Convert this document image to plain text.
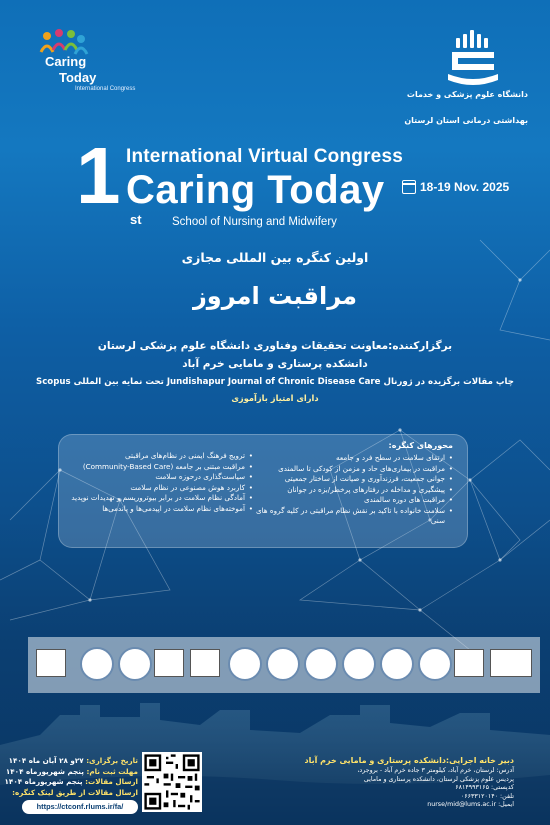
Caring
Today
International Congress
دانشگاه علوم پزشکی و خدمات
بهداشتی درمانی استان لرستان
1 st
International Virtual Congress
Caring Today	18-19 Nov. 2025
School of Nursing and Midwifery
اولین کنگره بین المللی مجازی
مراقبت امروز
برگزارکننده:معاونت تحقیقات وفناوری دانشگاه علوم پزشکی لرستان
دانشکده پرستاری و مامایی خرم آباد
چاپ مقالات برگزیده در ژورنال Jundishapur Journal of Chronic Disease Care تحت نمایه بین المللی Scopus
دارای امتیاز بازآموزی
محورهای کنگره:

• ارتقای سلامت در سطح فرد و جامعه

• مراقبت در بیماری‌های حاد و مزمن از کودکی تا سالمندی

• جوانی جمعیت، فرزندآوری و صیانت از ساختار جمعیتی

• پیشگیری و مداخله در رفتارهای پرخطر/بزه در جوانان

• مراقبت های دوره سالمندی

• سلامت خانواده با تاکید بر نقش نظام مراقبتی در کلیه گروه های سنی

• ترویج فرهنگ ایمنی در نظام‌های مراقبتی

• مراقبت مبتنی بر جامعه (Community-Based Care)

• سیاست‌گذاری درحوزه سلامت

• کاربرد هوش مصنوعی در نظام سلامت

• آمادگی نظام سلامت در برابر بیوتروریسم و تهدیدات نوپدید

• آموخته‌های نظام سلامت در اپیدمی‌ها و پاندمی‌ها

دبیر خانه اجرایی:دانشکده پرستاری و مامایی خرم آباد

آدرس: لرستان، خرم آباد، کیلومتر ۳ جاده خرم آباد - بروجرد،

پردیس علوم پزشکی لرستان، دانشکده پرستاری و مامایی

کدپستی: ۶۸۱۴۹۹۳۱۶۵

تلفن: ۰۶۶۳۳۱۲۰۱۴۰

ایمیل: nurse/mid@lums.ac.ir

تاریخ برگزاری: ۲۷و ۲۸ آبان ماه ۱۴۰۴

مهلت ثبت نام: پنجم شهریورماه ۱۴۰۴

ارسال مقالات: پنجم شهریورماه ۱۴۰۴

ارسال مقالات از طریق لینک کنگره:

https://ctconf.rlums.ir/fa/
